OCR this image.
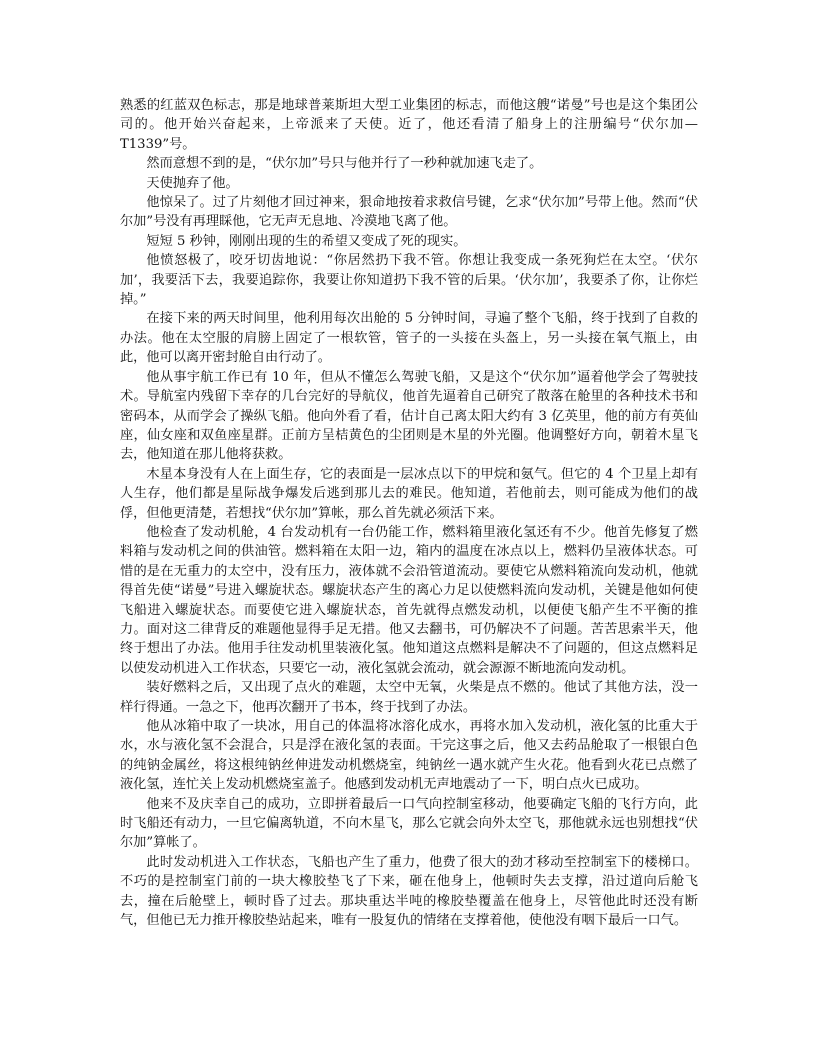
熟悉的红蓝双色标志，那是地球普莱斯坦大型工业集团的标志，而他这艘“诺曼”号也是这个集团公司的。他开始兴奋起来，上帝派来了天使。近了，他还看清了船身上的注册编号“伏尔加—T1339”号。

然而意想不到的是，“伏尔加”号只与他并行了一秒种就加速飞走了。

天使抛弃了他。

他惊呆了。过了片刻他才回过神来，狠命地按着求救信号键，乞求“伏尔加”号带上他。然而“伏尔加”号没有再理睬他，它无声无息地、冷漠地飞离了他。

短短 5 秒钟，刚刚出现的生的希望又变成了死的现实。

他愤怒极了，咬牙切齿地说：“你居然扔下我不管。你想让我变成一条死狗烂在太空。‘伏尔加’，我要活下去，我要追踪你，我要让你知道扔下我不管的后果。‘伏尔加’，我要杀了你，让你烂掉。”

在接下来的两天时间里，他利用每次出舱的 5 分钟时间，寻遍了整个飞船，终于找到了自救的办法。他在太空服的肩膀上固定了一根软管，管子的一头接在头盔上，另一头接在氧气瓶上，由此，他可以离开密封舱自由行动了。

他从事宇航工作已有 10 年，但从不懂怎么驾驶飞船，又是这个“伏尔加”逼着他学会了驾驶技术。导航室内残留下幸存的几台完好的导航仪，他首先逼着自己研究了散落在舱里的各种技术书和密码本，从而学会了操纵飞船。他向外看了看，估计自己离太阳大约有 3 亿英里，他的前方有英仙座，仙女座和双鱼座星群。正前方呈桔黄色的尘团则是木星的外光圈。他调整好方向，朝着木星飞去，他知道在那儿他将获救。

木星本身没有人在上面生存，它的表面是一层冰点以下的甲烷和氨气。但它的 4 个卫星上却有人生存，他们都是星际战争爆发后逃到那儿去的难民。他知道，若他前去，则可能成为他们的战俘，但他更清楚，若想找“伏尔加”算帐，那么首先就必须活下来。

他检查了发动机舱，4 台发动机有一台仍能工作，燃料箱里液化氢还有不少。他首先修复了燃料箱与发动机之间的供油管。燃料箱在太阳一边，箱内的温度在冰点以上，燃料仍呈液体状态。可惜的是在无重力的太空中，没有压力，液体就不会沿管道流动。要使它从燃料箱流向发动机，他就得首先使“诺曼”号进入螺旋状态。螺旋状态产生的离心力足以使燃料流向发动机，关键是他如何使飞船进入螺旋状态。而要使它进入螺旋状态，首先就得点燃发动机，以便使飞船产生不平衡的推力。面对这二律背反的难题他显得手足无措。他又去翻书，可仍解决不了问题。苦苦思索半天，他终于想出了办法。他用手往发动机里装液化氢。他知道这点燃料是解决不了问题的，但这点燃料足以使发动机进入工作状态，只要它一动，液化氢就会流动，就会源源不断地流向发动机。

装好燃料之后，又出现了点火的难题，太空中无氧，火柴是点不燃的。他试了其他方法，没一样行得通。一急之下，他再次翻开了书本，终于找到了办法。

他从冰箱中取了一块冰，用自己的体温将冰溶化成水，再将水加入发动机，液化氢的比重大于水，水与液化氢不会混合，只是浮在液化氢的表面。干完这事之后，他又去药品舱取了一根银白色的纯钠金属丝，将这根纯钠丝伸进发动机燃烧室，纯钠丝一遇水就产生火花。他看到火花已点燃了液化氢，连忙关上发动机燃烧室盖子。他感到发动机无声地震动了一下，明白点火已成功。

他来不及庆幸自己的成功，立即拼着最后一口气向控制室移动，他要确定飞船的飞行方向，此时飞船还有动力，一旦它偏离轨道，不向木星飞，那么它就会向外太空飞，那他就永远也别想找“伏尔加”算帐了。

此时发动机进入工作状态，飞船也产生了重力，他费了很大的劲才移动至控制室下的楼梯口。不巧的是控制室门前的一块大橡胶垫飞了下来，砸在他身上，他顿时失去支撑，沿过道向后舱飞去，撞在后舱壁上，顿时昏了过去。那块重达半吨的橡胶垫覆盖在他身上，尽管他此时还没有断气，但他已无力推开橡胶垫站起来，唯有一股复仇的情绪在支撑着他，使他没有咽下最后一口气。
